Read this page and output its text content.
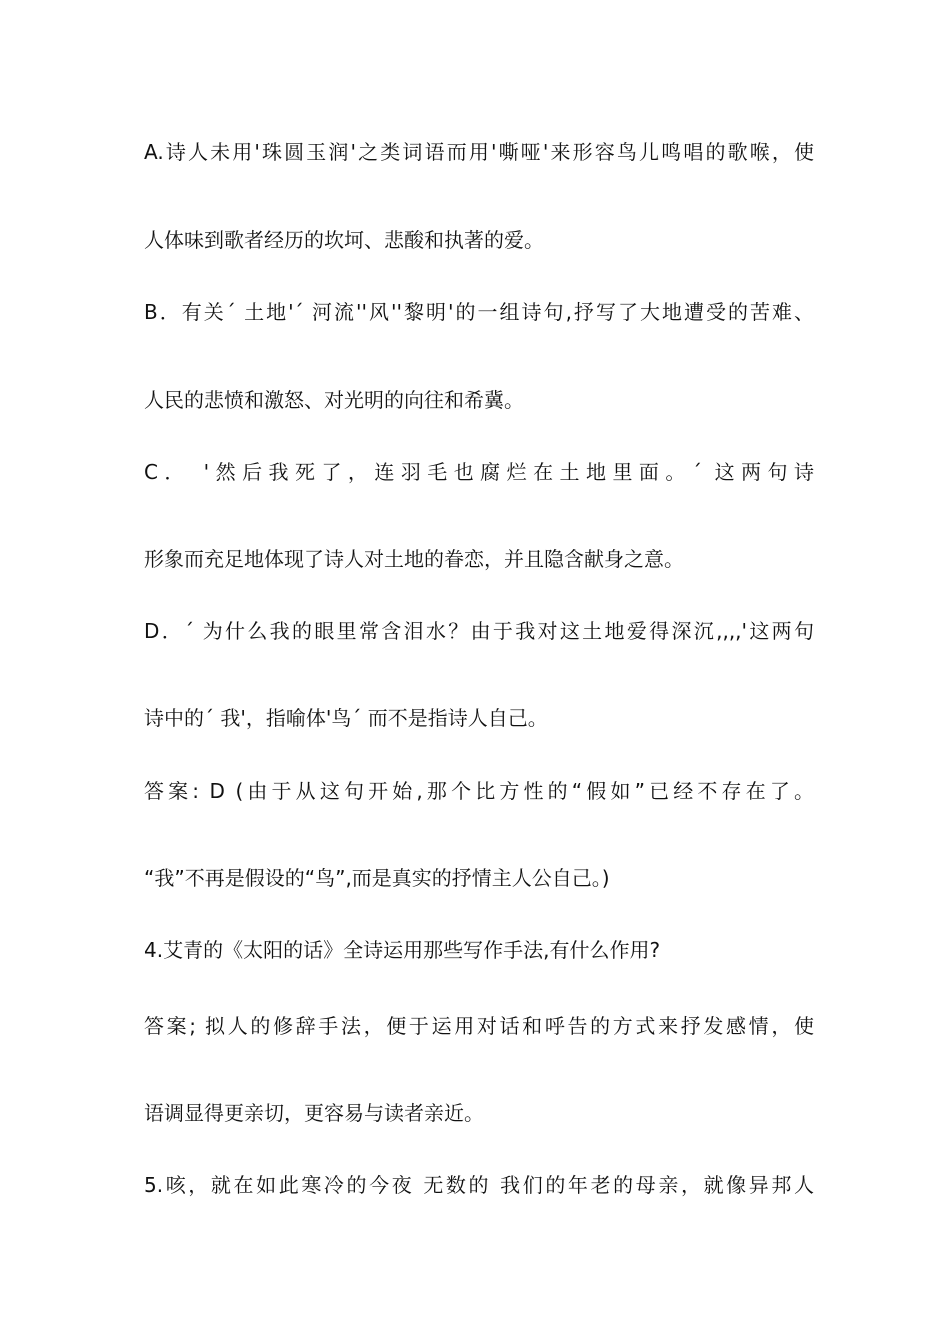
A.诗人未用'珠圆玉润'之类词语而用'嘶哑'来形容鸟儿鸣唱的歌喉，使
人体味到歌者经历的坎坷、悲酸和执著的爱。
B．有关´ 土地'´ 河流''风''黎明'的一组诗句,抒写了大地遭受的苦难、
人民的悲愤和激怒、对光明的向往和希冀。
C． '然后我死了，连羽毛也腐烂在土地里面。´ 这两句诗
形象而充足地体现了诗人对土地的眷恋，并且隐含献身之意。
D．´ 为什么我的眼里常含泪水？由于我对这土地爱得深沉,,,,'这两句
诗中的´ 我'，指喻体'鸟´ 而不是指诗人自己。
答案: D (由于从这句开始,那个比方性的“假如”已经不存在了。
“我”不再是假设的“鸟”,而是真实的抒情主人公自己。)
4.艾青的《太阳的话》全诗运用那些写作手法,有什么作用?
答案; 拟人的修辞手法，便于运用对话和呼告的方式来抒发感情，使
语调显得更亲切，更容易与读者亲近。
5.咳，就在如此寒冷的今夜 无数的 我们的年老的母亲，就像异邦人
